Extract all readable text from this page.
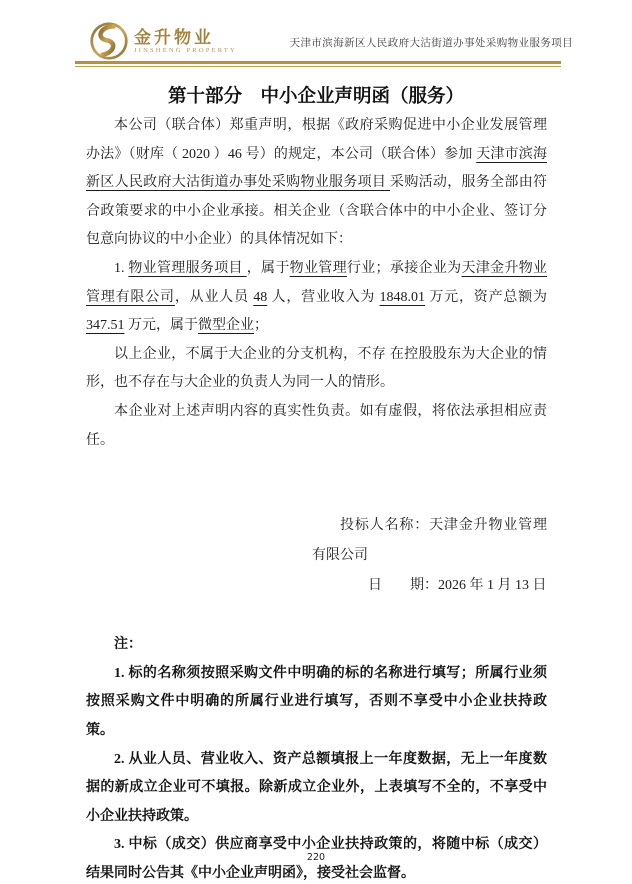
金升物业
JINSHENG PROPERTY
天津市滨海新区人民政府大沽街道办事处采购物业服务项目
第十部分　中小企业声明函（服务）

本公司（联合体）郑重声明，根据《政府采购促进中小企业发展管理办法》（财库（ 2020 ）46 号）的规定，本公司（联合体）参加 天津市滨海新区人民政府大沽街道办事处采购物业服务项目 采购活动，服务全部由符合政策要求的中小企业承接。相关企业（含联合体中的中小企业、签订分包意向协议的中小企业）的具体情况如下：

1. 物业管理服务项目 ，属于物业管理行业；承接企业为天津金升物业管理有限公司，从业人员 48 人，营业收入为 1848.01 万元，资产总额为 347.51 万元，属于微型企业；

以上企业，不属于大企业的分支机构，不存 在控股股东为大企业的情形，也不存在与大企业的负责人为同一人的情形。

本企业对上述声明内容的真实性负责。如有虚假，将依法承担相应责任。

投标人名称：天津金升物业管理有限公司

日　　期：2026 年 1 月 13 日

注：

1. 标的名称须按照采购文件中明确的标的名称进行填写；所属行业须按照采购文件中明确的所属行业进行填写，否则不享受中小企业扶持政策。

2. 从业人员、营业收入、资产总额填报上一年度数据，无上一年度数据的新成立企业可不填报。除新成立企业外，上表填写不全的，不享受中小企业扶持政策。

3. 中标（成交）供应商享受中小企业扶持政策的，将随中标（成交）结果同时公告其《中小企业声明函》，接受社会监督。

220
